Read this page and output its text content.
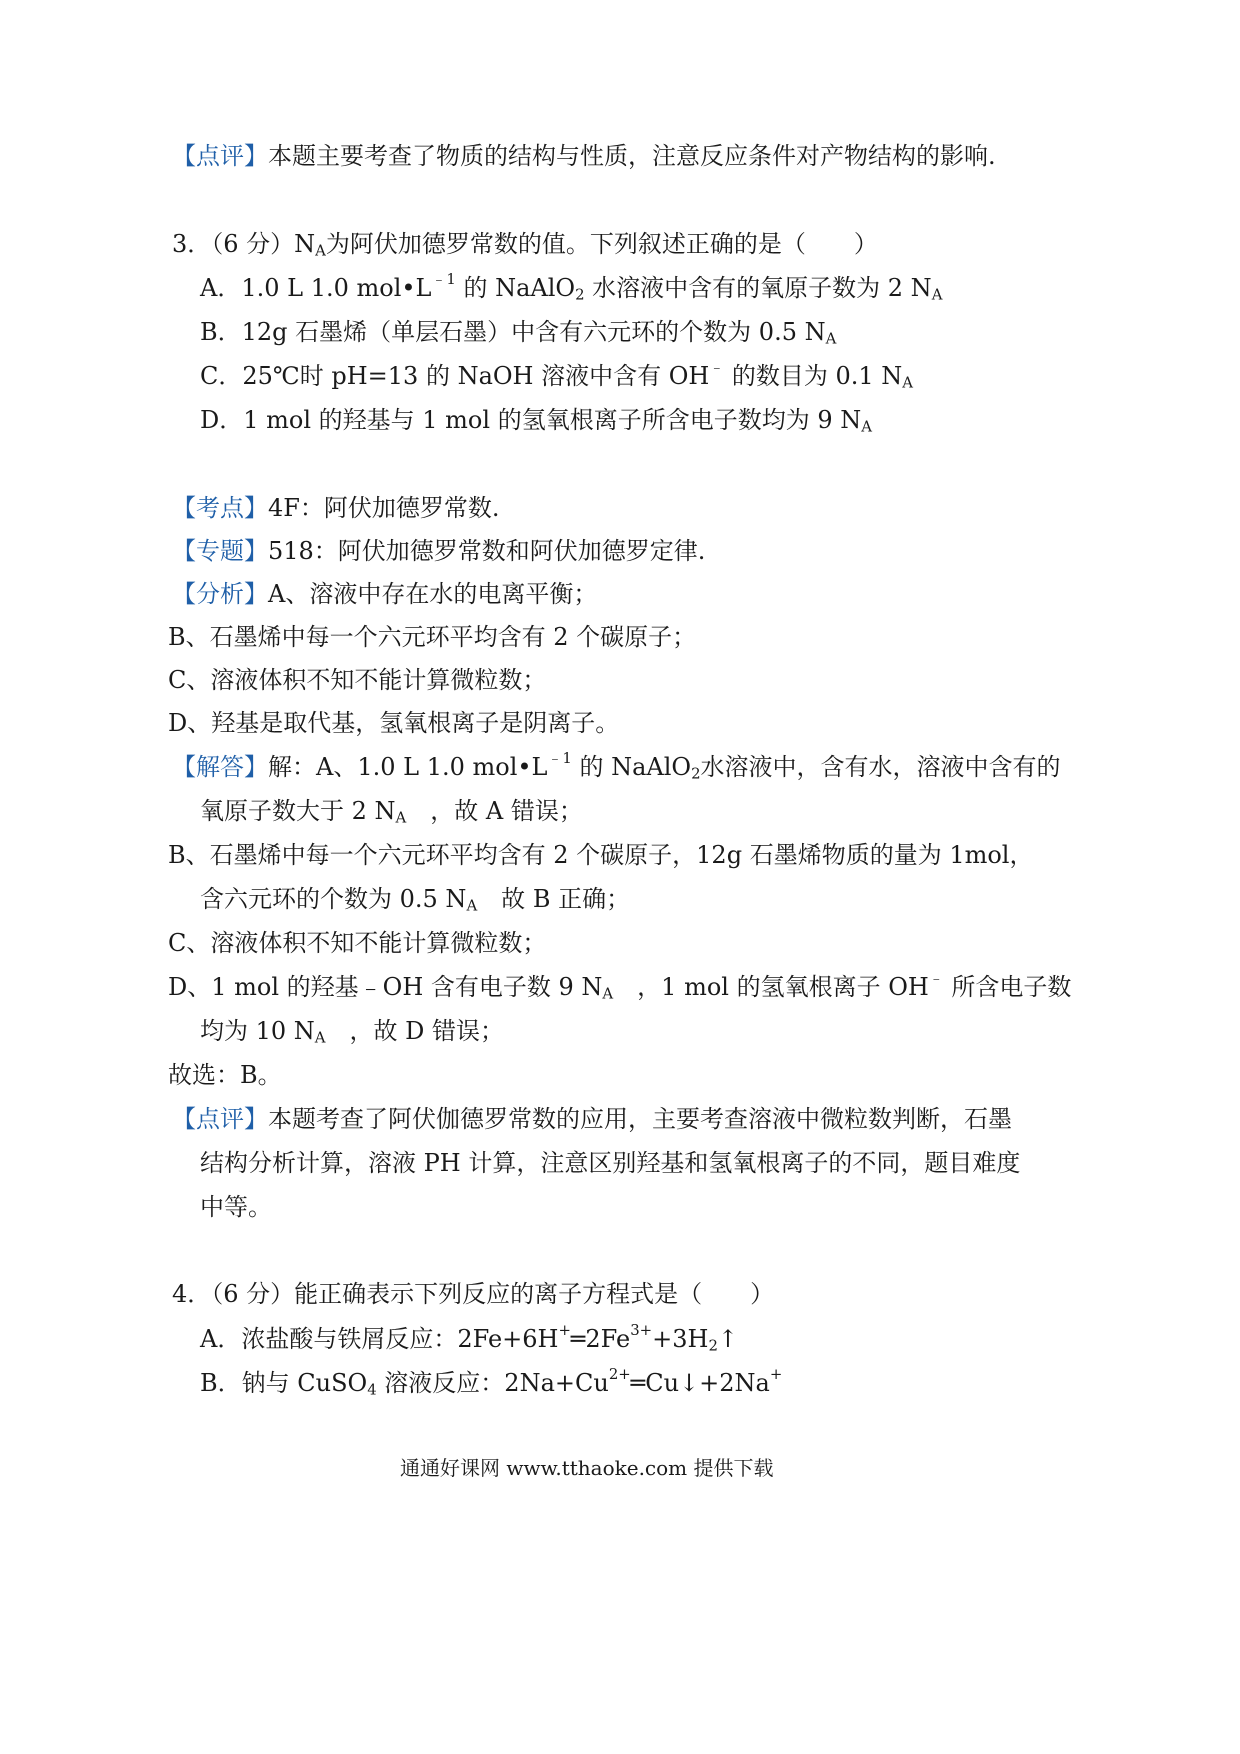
【点评】本题主要考查了物质的结构与性质，注意反应条件对产物结构的影响.
3．（6 分）$N_A$为阿伏加德罗常数的值。下列叙述正确的是（　　）
A．1.0 L 1.0 $mol•L^{﹣1}$ 的 NaAlO$_2$ 水溶液中含有的氧原子数为 2 $N_A$
B．12g 石墨烯（单层石墨）中含有六元环的个数为 0.5 $N_A$
C．25℃时 pH=13 的 NaOH 溶液中含有 OH﹣ 的数目为 0.1 $N_A$
D．1 mol 的羟基与 1 mol 的氢氧根离子所含电子数均为 9 $N_A$
【考点】4F：阿伏加德罗常数.
【专题】518：阿伏加德罗常数和阿伏加德罗定律.
【分析】A、溶液中存在水的电离平衡；
B、石墨烯中每一个六元环平均含有 2 个碳原子；
C、溶液体积不知不能计算微粒数；
D、羟基是取代基，氢氧根离子是阴离子。
【解答】解：A、1.0 L 1.0 $mol•L^{﹣1}$ 的 NaAlO$_2$水溶液中，含有水，溶液中含有的
氧原子数大于 2 $N_A$　，故 A 错误；
B、石墨烯中每一个六元环平均含有 2 个碳原子，12g 石墨烯物质的量为 1mol，
含六元环的个数为 0.5 $N_A$　故 B 正确；
C、溶液体积不知不能计算微粒数；
D、1 mol 的羟基﹣OH 含有电子数 9 $N_A$　，1 mol 的氢氧根离子 OH﹣ 所含电子数
均为 10 $N_A$　，故 D 错误；
故选：B。
【点评】本题考查了阿伏伽德罗常数的应用，主要考查溶液中微粒数判断，石墨
结构分析计算，溶液 PH 计算，注意区别羟基和氢氧根离子的不同，题目难度
中等。
4．（6 分）能正确表示下列反应的离子方程式是（　　）
A．浓盐酸与铁屑反应：$2Fe+6H^+═2Fe^{3+}+3H_2↑$
B．钠与 CuSO$_4$ 溶液反应：$2Na+Cu^{2+}═Cu↓+2Na^+$
通通好课网 www.tthaoke.com 提供下载
